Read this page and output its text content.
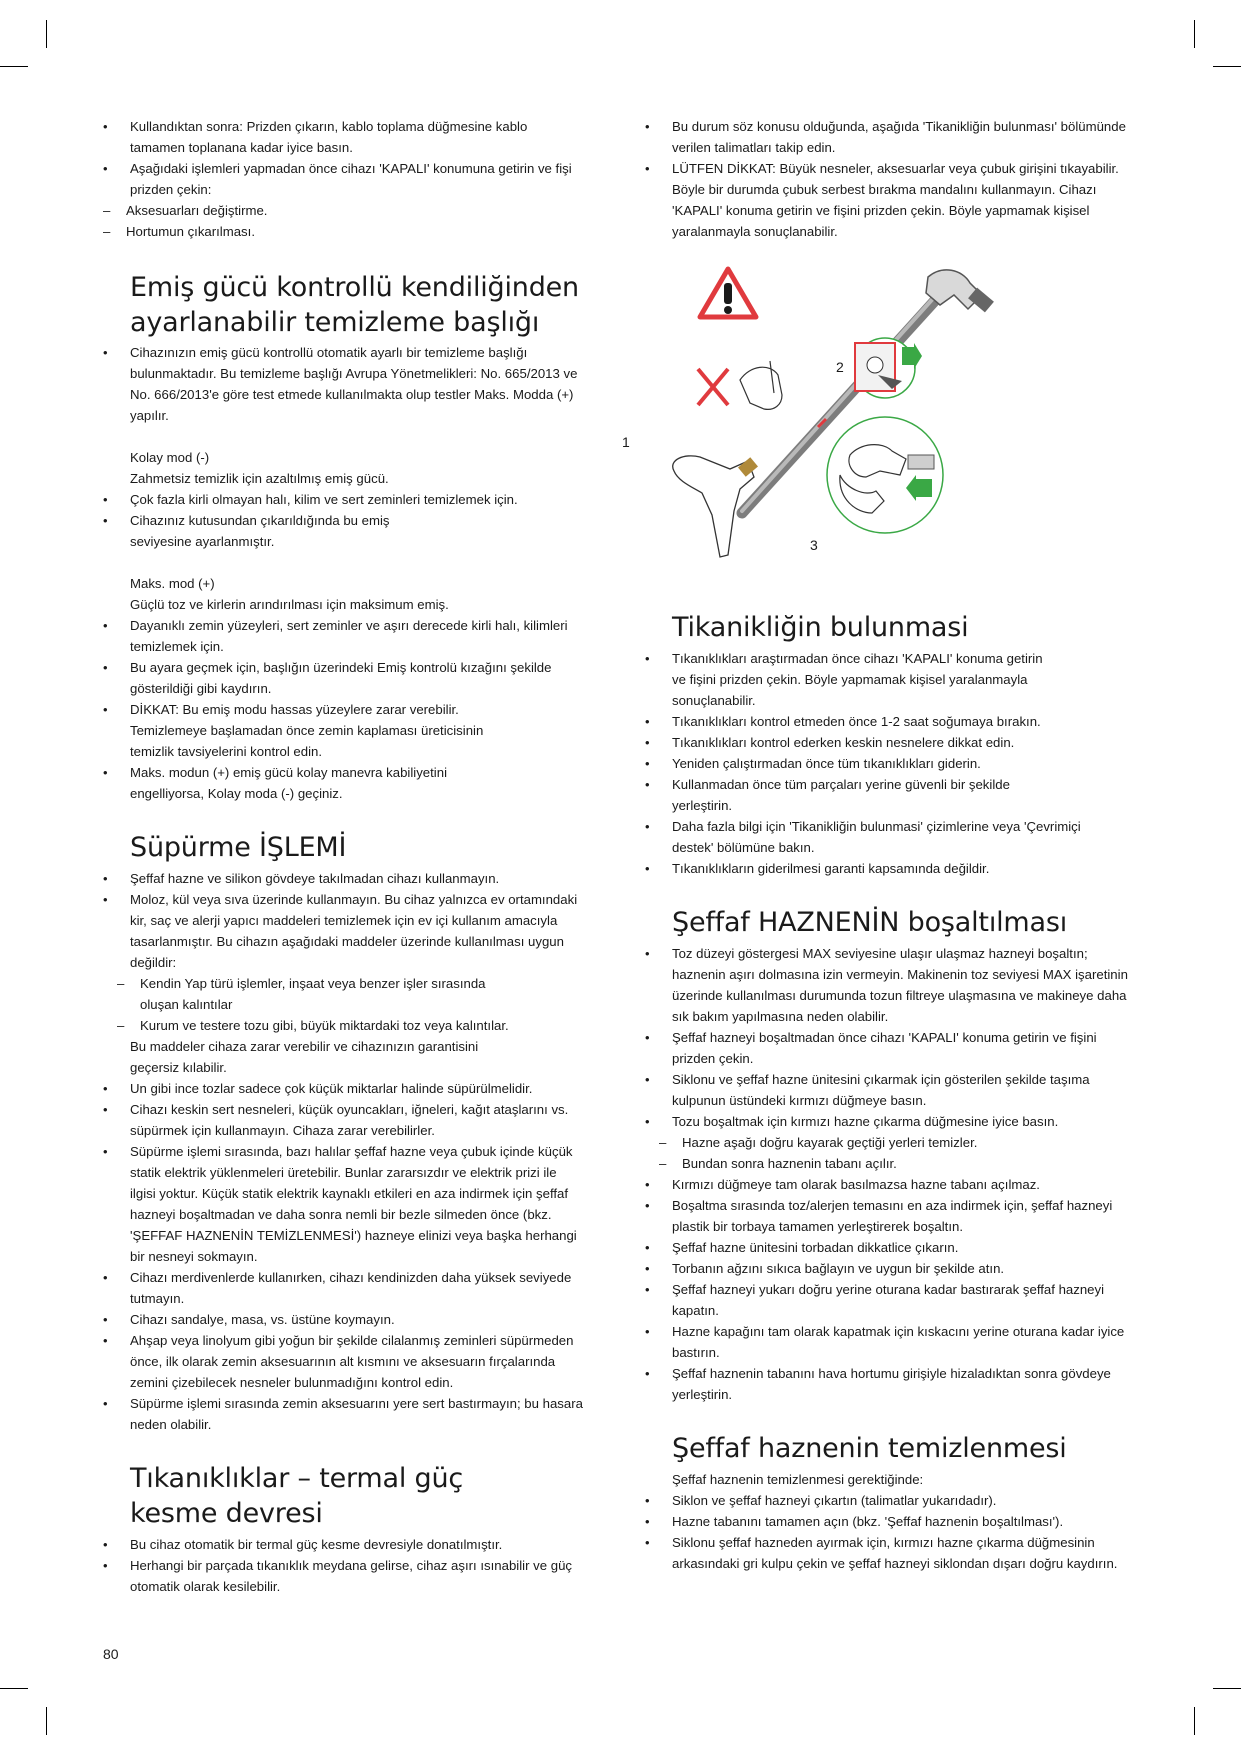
• Kullandıktan sonra: Prizden çıkarın, kablo toplama düğmesine kablo tamamen toplanana kadar iyice basın.

• Aşağıdaki işlemleri yapmadan önce cihazı 'KAPALI' konumuna getirin ve fişi prizden çekin:

– Aksesuarları değiştirme.

– Hortumun çıkarılması.

Emiş gücü kontrollü kendiliğinden
ayarlanabilir temizleme başlığı

• Cihazınızın emiş gücü kontrollü otomatik ayarlı bir temizleme başlığı bulunmaktadır. Bu temizleme başlığı Avrupa Yönetmelikleri: No. 665/2013 ve No. 666/2013'e göre test etmede kullanılmakta olup testler Maks. Modda (+) yapılır.

Kolay mod (-)

Zahmetsiz temizlik için azaltılmış emiş gücü.

• Çok fazla kirli olmayan halı, kilim ve sert zeminleri temizlemek için.

• Cihazınız kutusundan çıkarıldığında bu emiş seviyesine ayarlanmıştır.

Maks. mod (+)

Güçlü toz ve kirlerin arındırılması için maksimum emiş.

• Dayanıklı zemin yüzeyleri, sert zeminler ve aşırı derecede kirli halı, kilimleri temizlemek için.

• Bu ayara geçmek için, başlığın üzerindeki Emiş kontrolü kızağını şekilde gösterildiği gibi kaydırın.

• DİKKAT: Bu emiş modu hassas yüzeylere zarar verebilir. Temizlemeye başlamadan önce zemin kaplaması üreticisinin temizlik tavsiyelerini kontrol edin.

• Maks. modun (+) emiş gücü kolay manevra kabiliyetini engelliyorsa, Kolay moda (-) geçiniz.

Süpürme İŞLEMİ

• Şeffaf hazne ve silikon gövdeye takılmadan cihazı kullanmayın.

• Moloz, kül veya sıva üzerinde kullanmayın. Bu cihaz yalnızca ev ortamındaki kir, saç ve alerji yapıcı maddeleri temizlemek için ev içi kullanım amacıyla tasarlanmıştır. Bu cihazın aşağıdaki maddeler üzerinde kullanılması uygun değildir:

– Kendin Yap türü işlemler, inşaat veya benzer işler sırasında oluşan kalıntılar

– Kurum ve testere tozu gibi, büyük miktardaki toz veya kalıntılar.

Bu maddeler cihaza zarar verebilir ve cihazınızın garantisini geçersiz kılabilir.

• Un gibi ince tozlar sadece çok küçük miktarlar halinde süpürülmelidir.

• Cihazı keskin sert nesneleri, küçük oyuncakları, iğneleri, kağıt ataşlarını vs. süpürmek için kullanmayın. Cihaza zarar verebilirler.

• Süpürme işlemi sırasında, bazı halılar şeffaf hazne veya çubuk içinde küçük statik elektrik yüklenmeleri üretebilir. Bunlar zararsızdır ve elektrik prizi ile ilgisi yoktur. Küçük statik elektrik kaynaklı etkileri en aza indirmek için şeffaf hazneyi boşaltmadan ve daha sonra nemli bir bezle silmeden önce (bkz. 'ŞEFFAF HAZNENİN TEMİZLENMESİ') hazneye elinizi veya başka herhangi bir nesneyi sokmayın.

• Cihazı merdivenlerde kullanırken, cihazı kendinizden daha yüksek seviyede tutmayın.

• Cihazı sandalye, masa, vs. üstüne koymayın.

• Ahşap veya linolyum gibi yoğun bir şekilde cilalanmış zeminleri süpürmeden önce, ilk olarak zemin aksesuarının alt kısmını ve aksesuarın fırçalarında zemini çizebilecek nesneler bulunmadığını kontrol edin.

• Süpürme işlemi sırasında zemin aksesuarını yere sert bastırmayın; bu hasara neden olabilir.

Tıkanıklıklar – termal güç
kesme devresi

• Bu cihaz otomatik bir termal güç kesme devresiyle donatılmıştır.

• Herhangi bir parçada tıkanıklık meydana gelirse, cihaz aşırı ısınabilir ve güç otomatik olarak kesilebilir.

• Bu durum söz konusu olduğunda, aşağıda 'Tikanikliğin bulunması' bölümünde verilen talimatları takip edin.

• LÜTFEN DİKKAT: Büyük nesneler, aksesuarlar veya çubuk girişini tıkayabilir. Böyle bir durumda çubuk serbest bırakma mandalını kullanmayın. Cihazı 'KAPALI' konuma getirin ve fişini prizden çekin. Böyle yapmamak kişisel yaralanmayla sonuçlanabilir.

2
1
3
Tikanikliğin bulunmasi

• Tıkanıklıkları araştırmadan önce cihazı 'KAPALI' konuma getirin ve fişini prizden çekin. Böyle yapmamak kişisel yaralanmayla sonuçlanabilir.

• Tıkanıklıkları kontrol etmeden önce 1-2 saat soğumaya bırakın.

• Tıkanıklıkları kontrol ederken keskin nesnelere dikkat edin.

• Yeniden çalıştırmadan önce tüm tıkanıklıkları giderin.

• Kullanmadan önce tüm parçaları yerine güvenli bir şekilde yerleştirin.

• Daha fazla bilgi için 'Tikanikliğin bulunmasi' çizimlerine veya 'Çevrimiçi destek' bölümüne bakın.

• Tıkanıklıkların giderilmesi garanti kapsamında değildir.

Şeffaf HAZNENİN boşaltılması

• Toz düzeyi göstergesi MAX seviyesine ulaşır ulaşmaz hazneyi boşaltın; haznenin aşırı dolmasına izin vermeyin. Makinenin toz seviyesi MAX işaretinin üzerinde kullanılması durumunda tozun filtreye ulaşmasına ve makineye daha sık bakım yapılmasına neden olabilir.

• Şeffaf hazneyi boşaltmadan önce cihazı 'KAPALI' konuma getirin ve fişini prizden çekin.

• Siklonu ve şeffaf hazne ünitesini çıkarmak için gösterilen şekilde taşıma kulpunun üstündeki kırmızı düğmeye basın.

• Tozu boşaltmak için kırmızı hazne çıkarma düğmesine iyice basın.

– Hazne aşağı doğru kayarak geçtiği yerleri temizler.

– Bundan sonra haznenin tabanı açılır.

• Kırmızı düğmeye tam olarak basılmazsa hazne tabanı açılmaz.

• Boşaltma sırasında toz/alerjen temasını en aza indirmek için, şeffaf hazneyi plastik bir torbaya tamamen yerleştirerek boşaltın.

• Şeffaf hazne ünitesini torbadan dikkatlice çıkarın.

• Torbanın ağzını sıkıca bağlayın ve uygun bir şekilde atın.

• Şeffaf hazneyi yukarı doğru yerine oturana kadar bastırarak şeffaf hazneyi kapatın.

• Hazne kapağını tam olarak kapatmak için kıskacını yerine oturana kadar iyice bastırın.

• Şeffaf haznenin tabanını hava hortumu girişiyle hizaladıktan sonra gövdeye yerleştirin.

Şeffaf haznenin temizlenmesi

Şeffaf haznenin temizlenmesi gerektiğinde:

• Siklon ve şeffaf hazneyi çıkartın (talimatlar yukarıdadır).

• Hazne tabanını tamamen açın (bkz. 'Şeffaf haznenin boşaltılması').

• Siklonu şeffaf hazneden ayırmak için, kırmızı hazne çıkarma düğmesinin arkasındaki gri kulpu çekin ve şeffaf hazneyi siklondan dışarı doğru kaydırın.

80
